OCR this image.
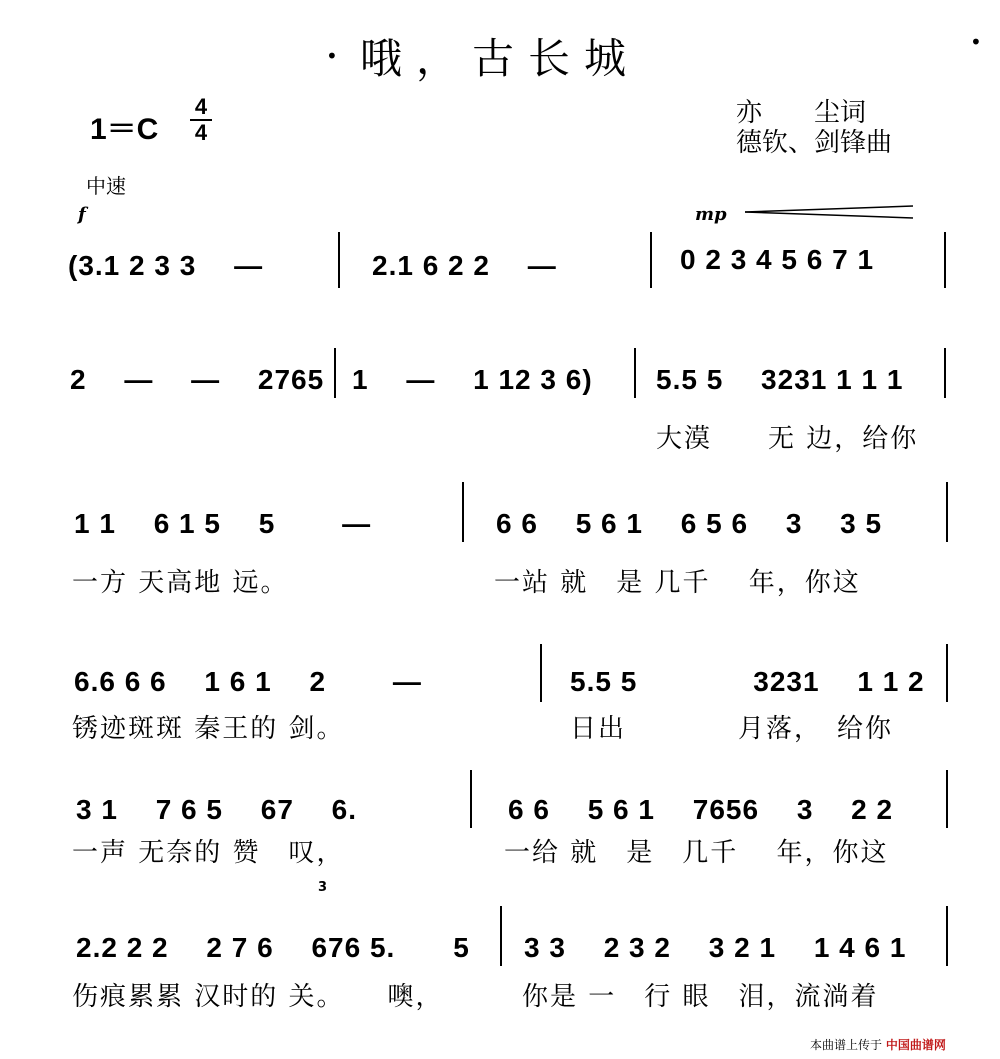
哦，古长城
•
•
1＝C
4
4
亦　　尘词
德钦、剑锋曲
中速
f	mp
(3.1 2 3 3　 —	2.1 6 2 2　 —	0 2 3 4 5 6 7 1
2　 —　 —　 2765 1　 —　 1 12 3 6) 5.5 5　 3231 1 1 1
大漠　　无 边，给你
1 1　 6 1 5　 5　　 —	6 6　 5 6 1　 6 5 6　 3　 3 5
一方 天高地 远。	一站 就　是 几千　 年，你这
6.6 6 6　 1 6 1　 2　　 —	5.5 5　　　　3231　 1 1 2
锈迹斑斑 秦王的 剑。	日出　　　　月落，　给你
3 1　 7 6 5　 67　 6.	6 6　 5 6 1　 7656　 3　 2 2
一声 无奈的 赞　叹，	一给 就　是　几千　 年，你这
3
2.2 2 2　 2 7 6　 676 5.　　5 3 3　 2 3 2　 3 2 1　 1 4 6 1
伤痕累累 汉时的 关。　　噢，	你是 一　行 眼　泪，流淌着
本曲谱上传于 中国曲谱网
